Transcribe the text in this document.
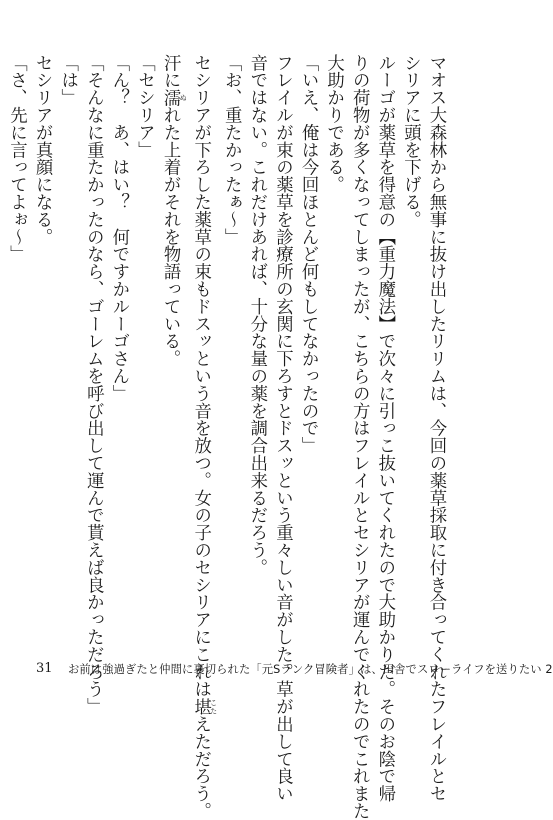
マオス大森林から無事に抜け出したリリムは、今回の薬草採取に付き合ってくれたフレイルとセ

シリアに頭を下げる。

ルーゴが薬草を得意の【重力魔法】で次々に引っこ抜いてくれたので大助かりだ。そのお陰で帰

りの荷物が多くなってしまったが、こちらの方はフレイルとセシリアが運んでくれたのでこれまた

大助かりである。

「いえ、俺は今回ほとんど何もしてなかったので」

フレイルが束の薬草を診療所の玄関に下ろすとドスッという重々しい音がした。草が出して良い

音ではない。これだけあれば、十分な量の薬を調合出来るだろう。

「お、重たかったぁ～」

セシリアが下ろした薬草の束もドスッという音を放つ。女の子のセシリアにこれは堪 こたえただろう。

汗に濡 ぬれた上着がそれを物語っている。

「セシリア」

「ん？　あ、はい？　何ですかルーゴさん」

「そんなに重たかったのなら、ゴーレムを呼び出して運んで貰えば良かっただろう」

「は」

セシリアが真顔になる。

「さ、先に言ってよぉ～」

31 お前は強過ぎたと仲間に裏切られた「元Sランク冒険者」は、田舎でスローライフを送りたい 2
